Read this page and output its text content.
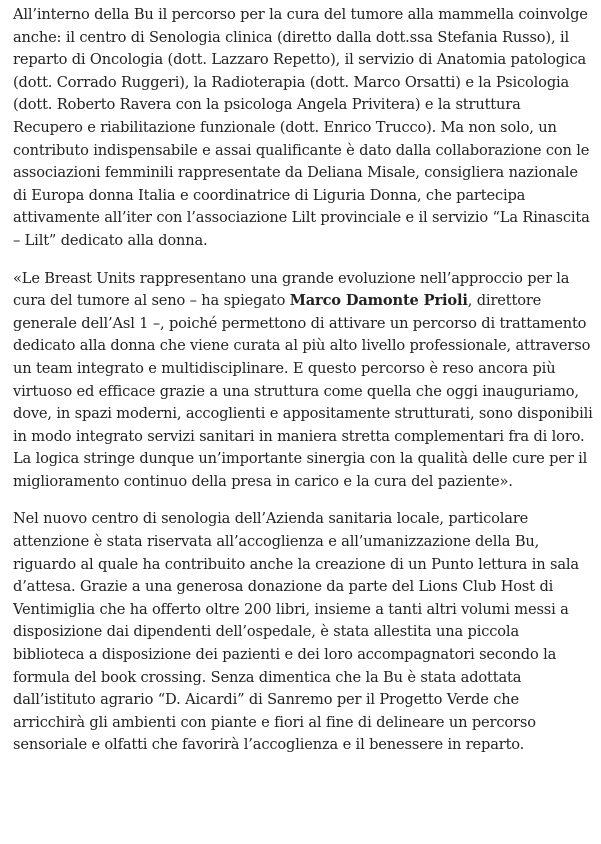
All’interno della Bu il percorso per la cura del tumore alla mammella coinvolge anche: il centro di Senologia clinica (diretto dalla dott.ssa Stefania Russo), il reparto di Oncologia (dott. Lazzaro Repetto), il servizio di Anatomia patologica (dott. Corrado Ruggeri), la Radioterapia (dott. Marco Orsatti) e la Psicologia (dott. Roberto Ravera con la psicologa Angela Privitera) e la struttura Recupero e riabilitazione funzionale (dott. Enrico Trucco). Ma non solo, un contributo indispensabile e assai qualificante è dato dalla collaborazione con le associazioni femminili rappresentate da Deliana Misale, consigliera nazionale di Europa donna Italia e coordinatrice di Liguria Donna, che partecipa attivamente all’iter con l’associazione Lilt provinciale e il servizio “La Rinascita – Lilt” dedicato alla donna.

«Le Breast Units rappresentano una grande evoluzione nell’approccio per la cura del tumore al seno – ha spiegato Marco Damonte Prioli, direttore generale dell’Asl 1 –, poiché permettono di attivare un percorso di trattamento dedicato alla donna che viene curata al più alto livello professionale, attraverso un team integrato e multidisciplinare. E questo percorso è reso ancora più virtuoso ed efficace grazie a una struttura come quella che oggi inauguriamo, dove, in spazi moderni, accoglienti e appositamente strutturati, sono disponibili in modo integrato servizi sanitari in maniera stretta complementari fra di loro. La logica stringe dunque un’importante sinergia con la qualità delle cure per il miglioramento continuo della presa in carico e la cura del paziente».

Nel nuovo centro di senologia dell’Azienda sanitaria locale, particolare attenzione è stata riservata all’accoglienza e all’umanizzazione della Bu, riguardo al quale ha contribuito anche la creazione di un Punto lettura in sala d’attesa. Grazie a una generosa donazione da parte del Lions Club Host di Ventimiglia che ha offerto oltre 200 libri, insieme a tanti altri volumi messi a disposizione dai dipendenti dell’ospedale, è stata allestita una piccola biblioteca a disposizione dei pazienti e dei loro accompagnatori secondo la formula del book crossing. Senza dimentica che la Bu è stata adottata dall’istituto agrario “D. Aicardi” di Sanremo per il Progetto Verde che arricchirà gli ambienti con piante e fiori al fine di delineare un percorso sensoriale e olfatti che favorirà l’accoglienza e il benessere in reparto.
